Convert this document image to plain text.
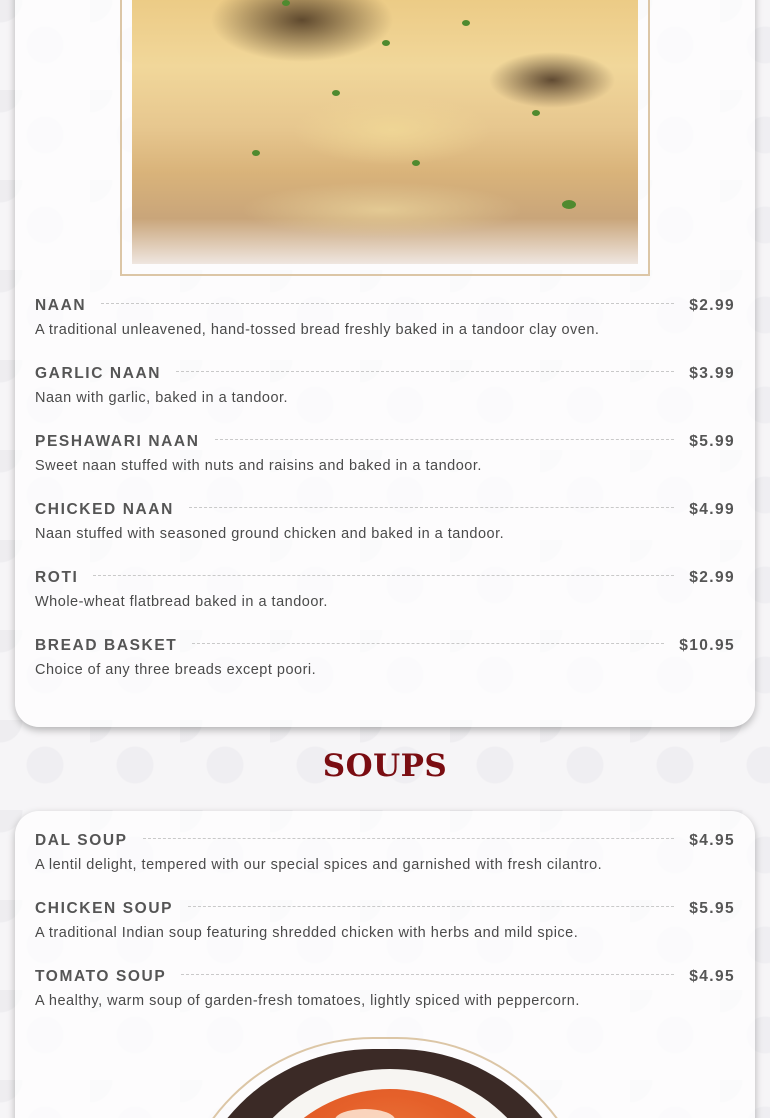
NAAN	$2.99
A traditional unleavened, hand-tossed bread freshly baked in a tandoor clay oven.
GARLIC NAAN	$3.99
Naan with garlic, baked in a tandoor.
PESHAWARI NAAN	$5.99
Sweet naan stuffed with nuts and raisins and baked in a tandoor.
CHICKED NAAN	$4.99
Naan stuffed with seasoned ground chicken and baked in a tandoor.
ROTI	$2.99
Whole-wheat flatbread baked in a tandoor.
BREAD BASKET	$10.95
Choice of any three breads except poori.
SOUPS
DAL SOUP	$4.95
A lentil delight, tempered with our special spices and garnished with fresh cilantro.
CHICKEN SOUP	$5.95
A traditional Indian soup featuring shredded chicken with herbs and mild spice.
TOMATO SOUP	$4.95
A healthy, warm soup of garden-fresh tomatoes, lightly spiced with peppercorn.
